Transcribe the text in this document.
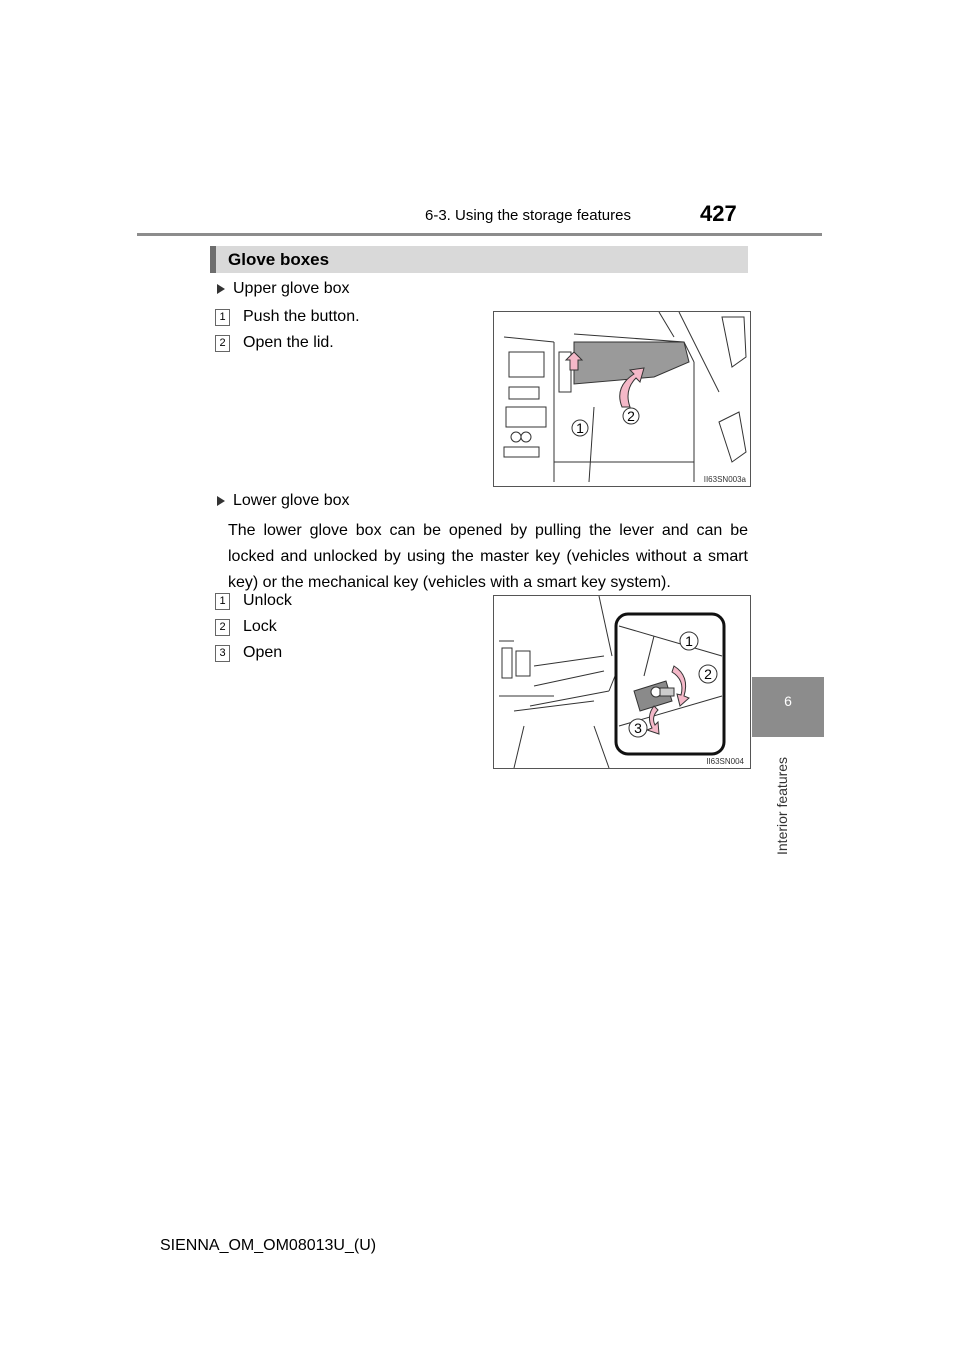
6-3. Using the storage features	427
6
Interior features
Glove boxes
Upper glove box
1 Push the button.
2 Open the lid.
1
2
II63SN003a
Lower glove box
The lower glove box can be opened by pulling the lever and can be locked and unlocked by using the master key (vehicles without a smart key) or the mechanical key (vehicles with a smart key system).
1 Unlock
2 Lock
3 Open
1
2
3
II63SN004
SIENNA_OM_OM08013U_(U)
